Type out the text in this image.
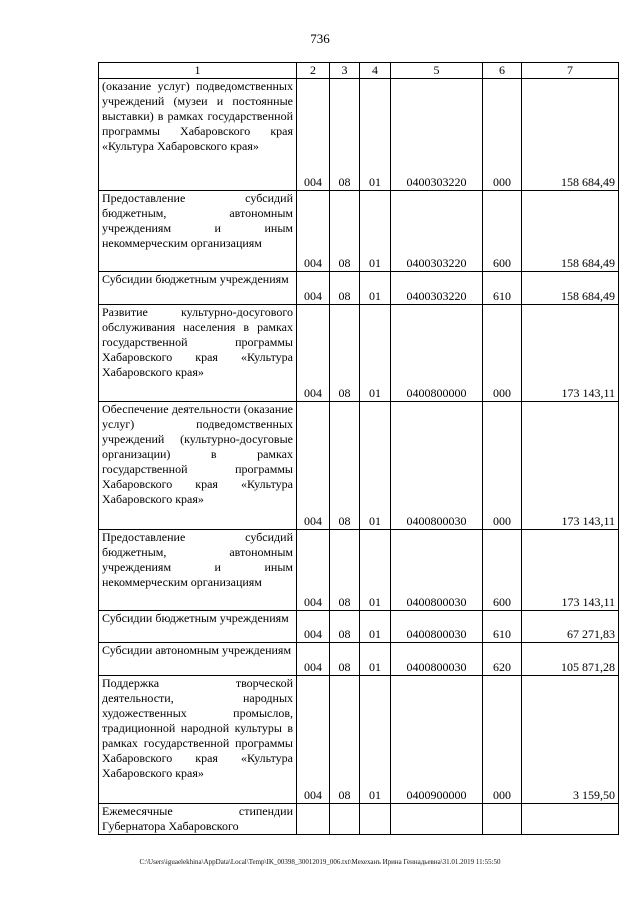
736
1	2	3	4	5	6	7
(оказание услуг) подведомственных учреждений (музеи и постоянные выставки) в рамках государственной программы Хабаровского края «Культура Хабаровского края»	004	08	01	0400303220	000	158 684,49
Предоставление субсидий бюджетным, автономным учреждениям и иным некоммерческим организациям	004	08	01	0400303220	600	158 684,49
Субсидии бюджетным учреждениям	004	08	01	0400303220	610	158 684,49
Развитие культурно-досугового обслуживания населения в рамках государственной программы Хабаровского края «Культура Хабаровского края»	004	08	01	0400800000	000	173 143,11
Обеспечение деятельности (оказание услуг) подведомственных учреждений (культурно-досуговые организации) в рамках государственной программы Хабаровского края «Культура Хабаровского края»	004	08	01	0400800030	000	173 143,11
Предоставление субсидий бюджетным, автономным учреждениям и иным некоммерческим организациям	004	08	01	0400800030	600	173 143,11
Субсидии бюджетным учреждениям	004	08	01	0400800030	610	67 271,83
Субсидии автономным учреждениям	004	08	01	0400800030	620	105 871,28
Поддержка творческой деятельности, народных художественных промыслов, традиционной народной культуры в рамках государственной программы Хабаровского края «Культура Хабаровского края»	004	08	01	0400900000	000	3 159,50
Ежемесячные стипендии Губернатора Хабаровского						
C:\Users\iguaelekhina\AppData\Local\Temp\IK_00398_30012019_006.txt\Мехеханъ Ирина Геннадьевна\31.01.2019 11:55:50
